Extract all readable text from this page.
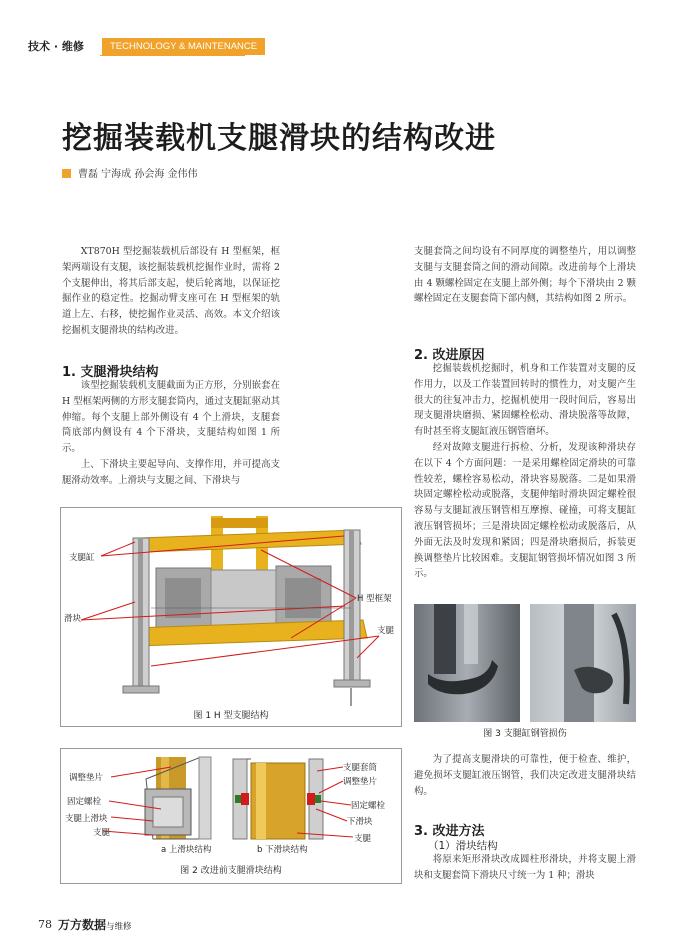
技术 · 维修	TECHNOLOGY & MAINTENANCE
挖掘装载机支腿滑块的结构改进
曹磊 宁海成 孙会海 金伟伟

XT870H 型挖掘装载机后部设有 H 型框架，框架两端设有支腿，该挖掘装载机挖掘作业时，需将 2 个支腿伸出，将其后部支起，使后轮离地，以保证挖掘作业的稳定性。挖掘动臂支座可在 H 型框架的轨道上左、右移，使挖掘作业灵活、高效。本文介绍该挖掘机支腿滑块的结构改进。

1. 支腿滑块结构

该型挖掘装载机支腿截面为正方形，分别嵌套在 H 型框架两侧的方形支腿套筒内，通过支腿缸驱动其伸缩。每个支腿上部外侧设有 4 个上滑块，支腿套筒底部内侧设有 4 个下滑块，支腿结构如图 1 所示。

上、下滑块主要起导向、支撑作用，并可提高支腿滑动效率。上滑块与支腿之间、下滑块与

支腿缸
滑块
H 型框架
支腿
图 1 H 型支腿结构
调整垫片
固定螺栓
支腿上滑块
支腿
支腿套筒
调整垫片
固定螺栓
下滑块
支腿
a 上滑块结构	b 下滑块结构
图 2 改进前支腿滑块结构

支腿套筒之间均设有不同厚度的调整垫片，用以调整支腿与支腿套筒之间的滑动间隙。改进前每个上滑块由 4 颗螺栓固定在支腿上部外侧；每个下滑块由 2 颗螺栓固定在支腿套筒下部内侧，其结构如图 2 所示。

2. 改进原因

挖掘装载机挖掘时，机身和工作装置对支腿的反作用力，以及工作装置回转时的惯性力，对支腿产生很大的往复冲击力，挖掘机使用一段时间后，容易出现支腿滑块磨损、紧固螺栓松动、滑块脱落等故障，有时甚至将支腿缸液压钢管磨坏。

经对故障支腿进行拆检、分析，发现该种滑块存在以下 4 个方面问题：一是采用螺栓固定滑块的可靠性较差，螺栓容易松动，滑块容易脱落。二是如果滑块固定螺栓松动或脱落，支腿伸缩时滑块固定螺栓很容易与支腿缸液压钢管相互摩擦、碰撞，可将支腿缸液压钢管损坏；三是滑块固定螺栓松动或脱落后，从外面无法及时发现和紧固；四是滑块磨损后，拆装更换调整垫片比较困难。支腿缸钢管损坏情况如图 3 所示。

图 3 支腿缸钢管损伤

为了提高支腿滑块的可靠性，便于检查、维护，避免损坏支腿缸液压钢管，我们决定改进支腿滑块结构。

3. 改进方法
（1）滑块结构

将原来矩形滑块改成圆柱形滑块，并将支腿上滑块和支腿套筒下滑块尺寸统一为 1 种；滑块

78 万方数据与维修
